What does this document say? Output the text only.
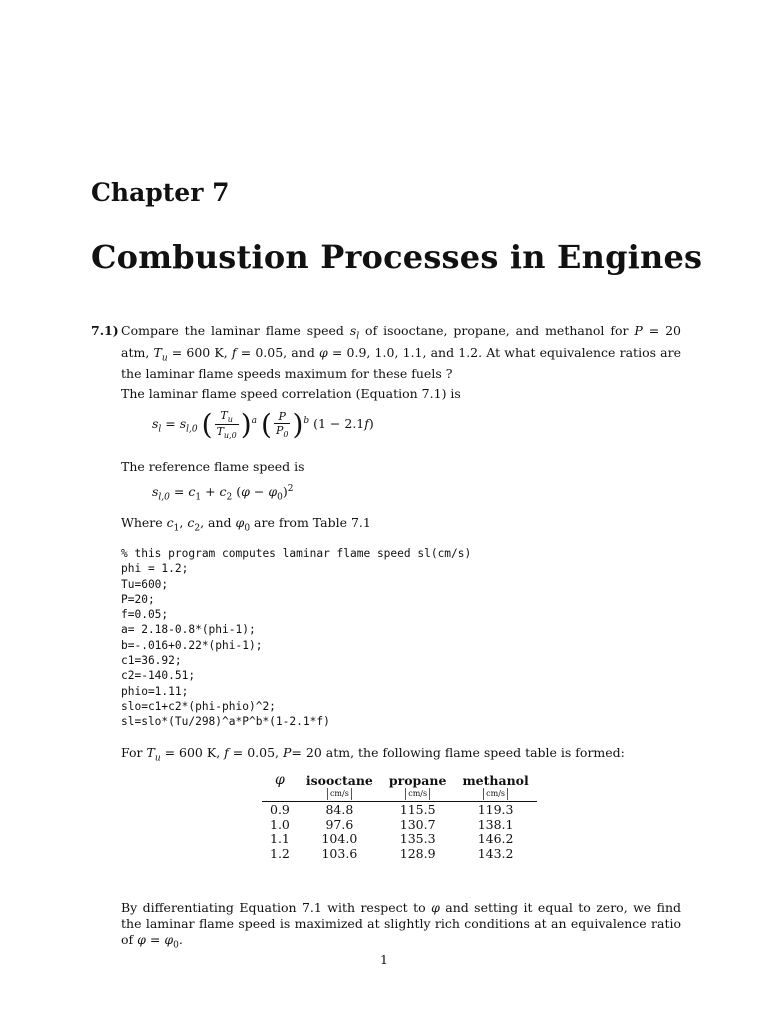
Chapter 7
Combustion Processes in Engines
7.1) Compare the laminar flame speed $s_l$ of isooctane, propane, and methanol for P = 20 atm, $T_u = 600$ K, f = 0.05, and φ = 0.9, 1.0, 1.1, and 1.2. At what equivalence ratios are the laminar flame speeds maximum for these fuels ?
The laminar flame speed correlation (Equation 7.1) is
$s_l = s_{l,0}$ ( $\frac{T_u}{T_{u,0}} )^a$ ( $\frac{P}{P_0} )^b$ (1 − 2.1f)
The reference flame speed is
$s_{l,0} = c_1 + c_2$ $(\varphi - \varphi_0)^2$
Where $c_1$, $c_2$, and $\varphi_0$ are from Table 7.1
% this program computes laminar flame speed sl(cm/s)
phi = 1.2;
Tu=600;
P=20;
f=0.05;
a= 2.18-0.8*(phi-1);
b=-.016+0.22*(phi-1);
c1=36.92;
c2=-140.51;
phio=1.11;
slo=c1+c2*(phi-phio)^2;
sl=slo*(Tu/298)^a*P^b*(1-2.1*f)
For $T_u = 600$ K, f = 0.05, P= 20 atm, the following flame speed table is formed:
φ	isooctane	propane	methanol
	cm/s	cm/s	cm/s
0.9	84.8	115.5	119.3
1.0	97.6	130.7	138.1
1.1	104.0	135.3	146.2
1.2	103.6	128.9	143.2
By differentiating Equation 7.1 with respect to φ and setting it equal to zero, we find the laminar flame speed is maximized at slightly rich conditions at an equivalence ratio of $\varphi = \varphi_0$.
1
